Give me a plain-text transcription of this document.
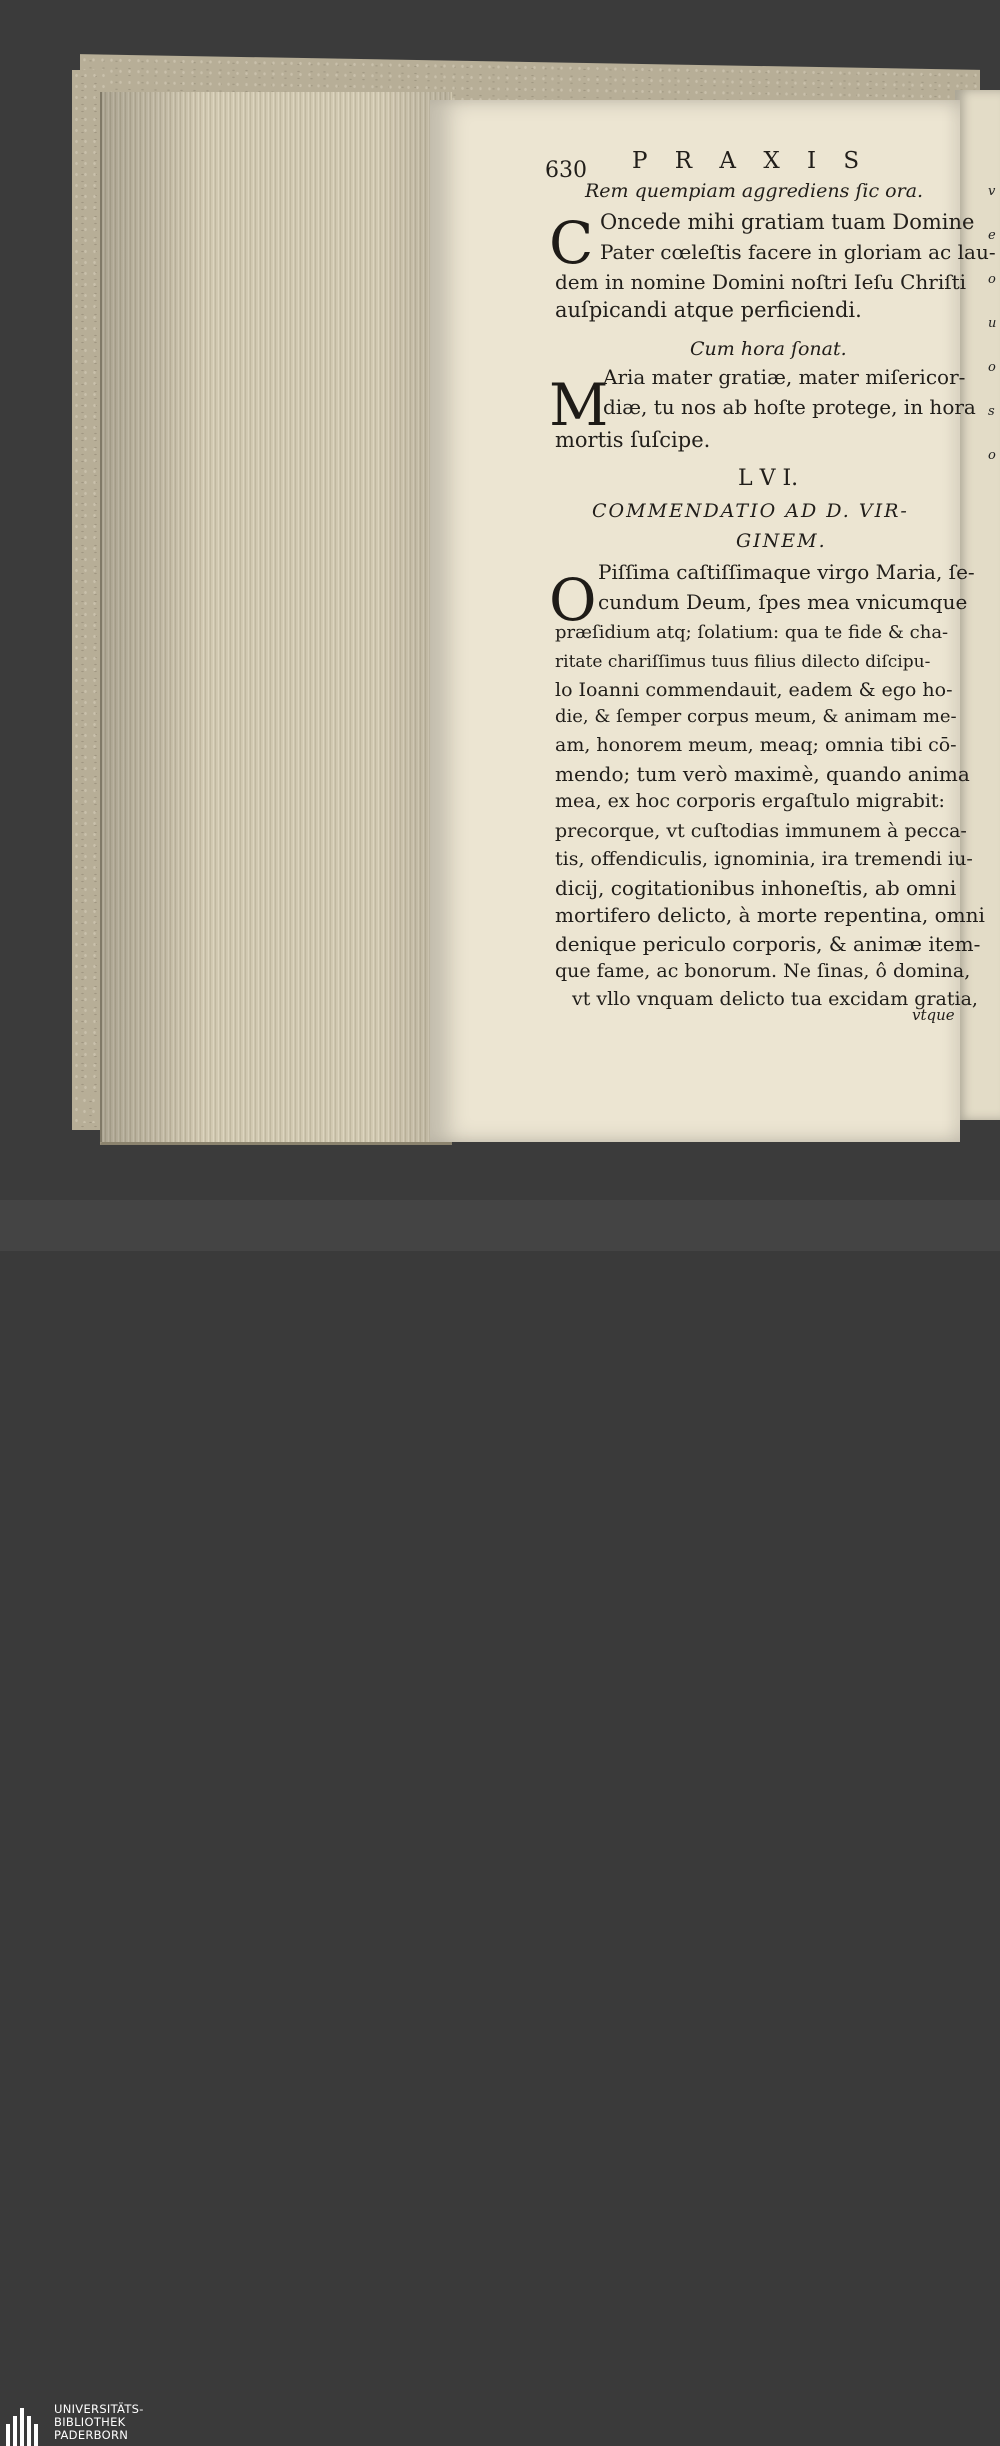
v
e
o
u
o
s
o
630 P R A X I S
Rem quempiam aggrediens ſic ora.
C Oncede mihi gratiam tuam Domine
Pater cœleſtis facere in gloriam ac lau-
dem in nomine Domini noſtri Ieſu Chriſti
auſpicandi atque perficiendi.
Cum hora ſonat.
M
Aria mater gratiæ, mater miſericor-
diæ, tu nos ab hoſte protege, in hora
mortis ſuſcipe.
L V I.
COMMENDATIO AD D. VIR-
GINEM.
O Piſſima caſtiſſimaque virgo Maria, ſe-
cundum Deum, ſpes mea vnicumque
præſidium atq; ſolatium: qua te fide & cha-
ritate chariſſimus tuus filius dilecto diſcipu-
lo Ioanni commendauit, eadem & ego ho-
die, & ſemper corpus meum, & animam me-
am, honorem meum, meaq; omnia tibi cō-
mendo; tum verò maximè, quando anima
mea, ex hoc corporis ergaſtulo migrabit:
precorque, vt cuſtodias immunem à pecca-
tis, offendiculis, ignominia, ira tremendi iu-
dicij, cogitationibus inhoneſtis, ab omni
mortifero delicto, à morte repentina, omni
denique periculo corporis, & animæ item-
que fame, ac bonorum. Ne ſinas, ô domina,
vt vllo vnquam delicto tua excidam gratia,
vtque
UNIVERSITÄTS-
BIBLIOTHEK
PADERBORN
